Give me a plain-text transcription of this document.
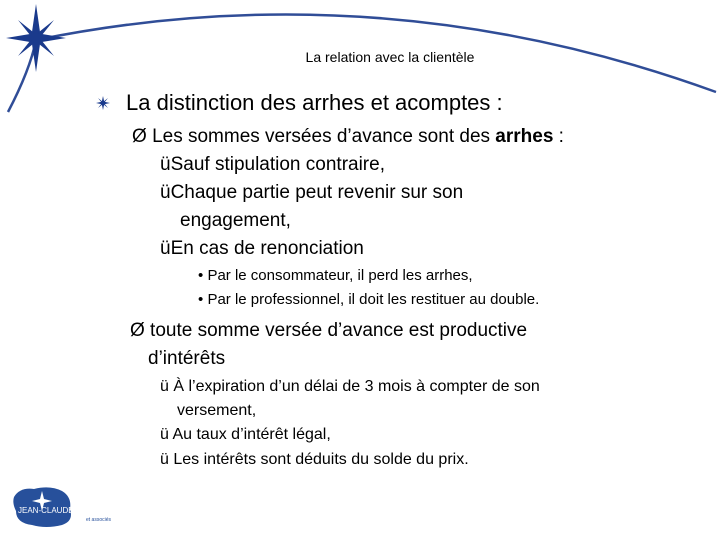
La relation avec la clientèle
La distinction des arrhes et acomptes :
Ø Les sommes versées d’avance sont des arrhes :
üSauf stipulation contraire,
üChaque partie peut revenir sur son
engagement,
üEn cas de renonciation
• Par le consommateur, il perd les arrhes,
• Par le professionnel, il doit les restituer au double.
Ø toute somme versée d’avance est productive
d’intérêts
ü À l’expiration d’un délai de 3 mois à compter de son
versement,
ü Au taux d’intérêt légal,
ü Les intérêts sont déduits du solde du prix.
JEAN-CLAUDE DE COULON
et associés
